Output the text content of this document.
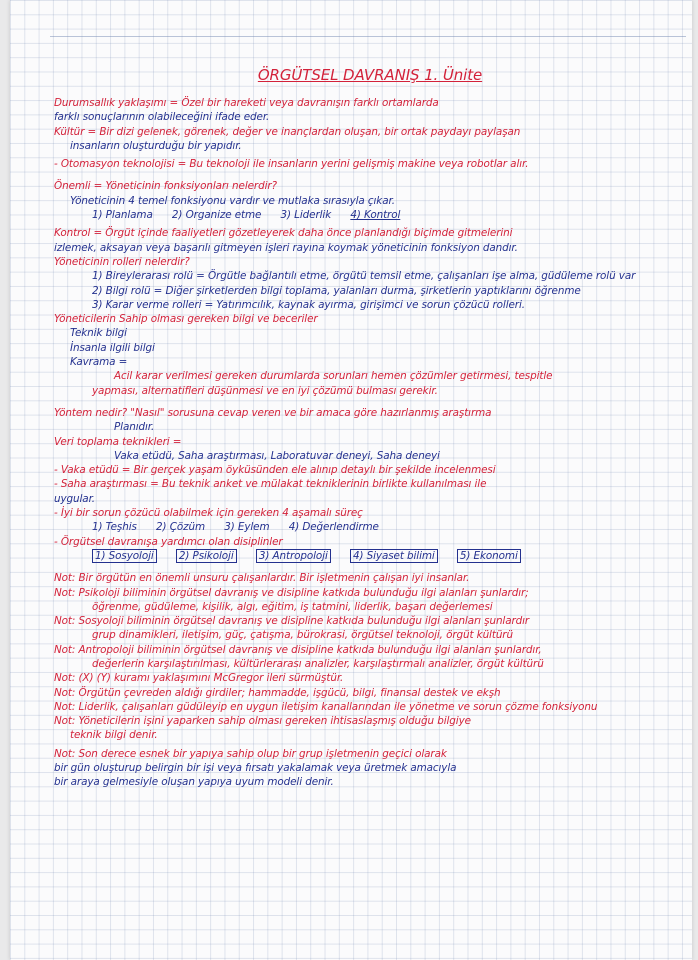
ÖRGÜTSEL DAVRANIŞ 1. Ünite
Durumsallık yaklaşımı = Özel bir hareketi veya davranışın farklı ortamlarda
farklı sonuçlarının olabileceğini ifade eder.
Kültür = Bir dizi gelenek, görenek, değer ve inançlardan oluşan, bir ortak paydayı paylaşan
insanların oluşturduğu bir yapıdır.
- Otomasyon teknolojisi = Bu teknoloji ile insanların yerini gelişmiş makine veya robotlar alır.
Önemli = Yöneticinin fonksiyonları nelerdir?
Yöneticinin 4 temel fonksiyonu vardır ve mutlaka sırasıyla çıkar.
1) Planlama 2) Organize etme 3) Liderlik 4) Kontrol
Kontrol = Örgüt içinde faaliyetleri gözetleyerek daha önce planlandığı biçimde gitmelerini
izlemek, aksayan veya başarılı gitmeyen işleri rayına koymak yöneticinin fonksiyon dandır.
Yöneticinin rolleri nelerdir?
1) Bireylerarası rolü = Örgütle bağlantılı etme, örgütü temsil etme, çalışanları işe alma, güdüleme rolü var
2) Bilgi rolü = Diğer şirketlerden bilgi toplama, yalanları durma, şirketlerin yaptıklarını öğrenme
3) Karar verme rolleri = Yatırımcılık, kaynak ayırma, girişimci ve sorun çözücü rolleri.
Yöneticilerin Sahip olması gereken bilgi ve beceriler
Teknik bilgi
İnsanla ilgili bilgi
Kavrama =
Acil karar verilmesi gereken durumlarda sorunları hemen çözümler getirmesi, tespitle
yapması, alternatifleri düşünmesi ve en iyi çözümü bulması gerekir.
Yöntem nedir? "Nasıl" sorusuna cevap veren ve bir amaca göre hazırlanmış araştırma
Planıdır.
Veri toplama teknikleri =
Vaka etüdü, Saha araştırması, Laboratuvar deneyi, Saha deneyi
- Vaka etüdü = Bir gerçek yaşam öyküsünden ele alınıp detaylı bir şekilde incelenmesi
- Saha araştırması = Bu teknik anket ve mülakat tekniklerinin birlikte kullanılması ile
uygular.
- İyi bir sorun çözücü olabilmek için gereken 4 aşamalı süreç
1) Teşhis 2) Çözüm 3) Eylem 4) Değerlendirme
- Örgütsel davranışa yardımcı olan disiplinler
1) Sosyoloji 2) Psikoloji 3) Antropoloji 4) Siyaset bilimi 5) Ekonomi
Not: Bir örgütün en önemli unsuru çalışanlardır. Bir işletmenin çalışan iyi insanlar.
Not: Psikoloji biliminin örgütsel davranış ve disipline katkıda bulunduğu ilgi alanları şunlardır;
öğrenme, güdüleme, kişilik, algı, eğitim, iş tatmini, liderlik, başarı değerlemesi
Not: Sosyoloji biliminin örgütsel davranış ve disipline katkıda bulunduğu ilgi alanları şunlardır
grup dinamikleri, iletişim, güç, çatışma, bürokrasi, örgütsel teknoloji, örgüt kültürü
Not: Antropoloji biliminin örgütsel davranış ve disipline katkıda bulunduğu ilgi alanları şunlardır,
değerlerin karşılaştırılması, kültürlerarası analizler, karşılaştırmalı analizler, örgüt kültürü
Not: (X) (Y) kuramı yaklaşımını McGregor ileri sürmüştür.
Not: Örgütün çevreden aldığı girdiler; hammadde, işgücü, bilgi, finansal destek ve ekşh
Not: Liderlik, çalışanları güdüleyip en uygun iletişim kanallarından ile yönetme ve sorun çözme fonksiyonu
Not: Yöneticilerin işini yaparken sahip olması gereken ihtisaslaşmış olduğu bilgiye
teknik bilgi denir.
Not: Son derece esnek bir yapıya sahip olup bir grup işletmenin geçici olarak
bir gün oluşturup belirgin bir işi veya fırsatı yakalamak veya üretmek amacıyla
bir araya gelmesiyle oluşan yapıya uyum modeli denir.
